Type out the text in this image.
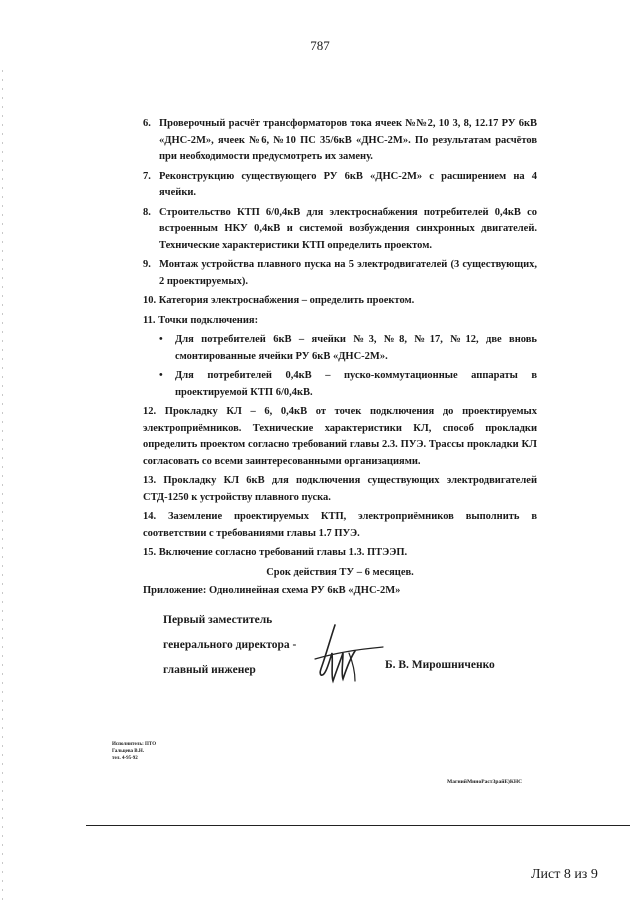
787
6. Проверочный расчёт трансформаторов тока ячеек №№2, 10 3, 8, 12.17 РУ 6кВ «ДНС-2М», ячеек №6, №10 ПС 35/6кВ «ДНС-2М». По результатам расчётов при необходимости предусмотреть их замену.
7. Реконструкцию существующего РУ 6кВ «ДНС-2М» с расширением на 4 ячейки.
8. Строительство КТП 6/0,4кВ для электроснабжения потребителей 0,4кВ со встроенным НКУ 0,4кВ и системой возбуждения синхронных двигателей. Технические характеристики КТП определить проектом.
9. Монтаж устройства плавного пуска на 5 электродвигателей (3 существующих, 2 проектируемых).
10. Категория электроснабжения – определить проектом.
11. Точки подключения:
• Для потребителей 6кВ – ячейки №3, №8, №17, №12, две вновь смонтированные ячейки РУ 6кВ «ДНС-2М».
• Для потребителей 0,4кВ – пуско-коммутационные аппараты в проектируемой КТП 6/0,4кВ.
12. Прокладку КЛ – 6, 0,4кВ от точек подключения до проектируемых электроприёмников. Технические характеристики КЛ, способ прокладки определить проектом согласно требований главы 2.3. ПУЭ. Трассы прокладки КЛ согласовать со всеми заинтересованными организациями.
13. Прокладку КЛ 6кВ для подключения существующих электродвигателей СТД-1250 к устройству плавного пуска.
14. Заземление проектируемых КТП, электроприёмников выполнить в соответствии с требованиями главы 1.7 ПУЭ.
15. Включение согласно требований главы 1.3. ПТЭЭП.
Срок действия ТУ – 6 месяцев.
Приложение: Однолинейная схема РУ 6кВ «ДНС-2М»
Первый заместитель
генерального директора -
главный инженер	Б. В. Мирошниченко
Исполнитель: ПТО
Гальцева В.Н.
тел. 4-95-92
МагнийМиноРастЗрайЕ)КНС
Лист 8 из 9
